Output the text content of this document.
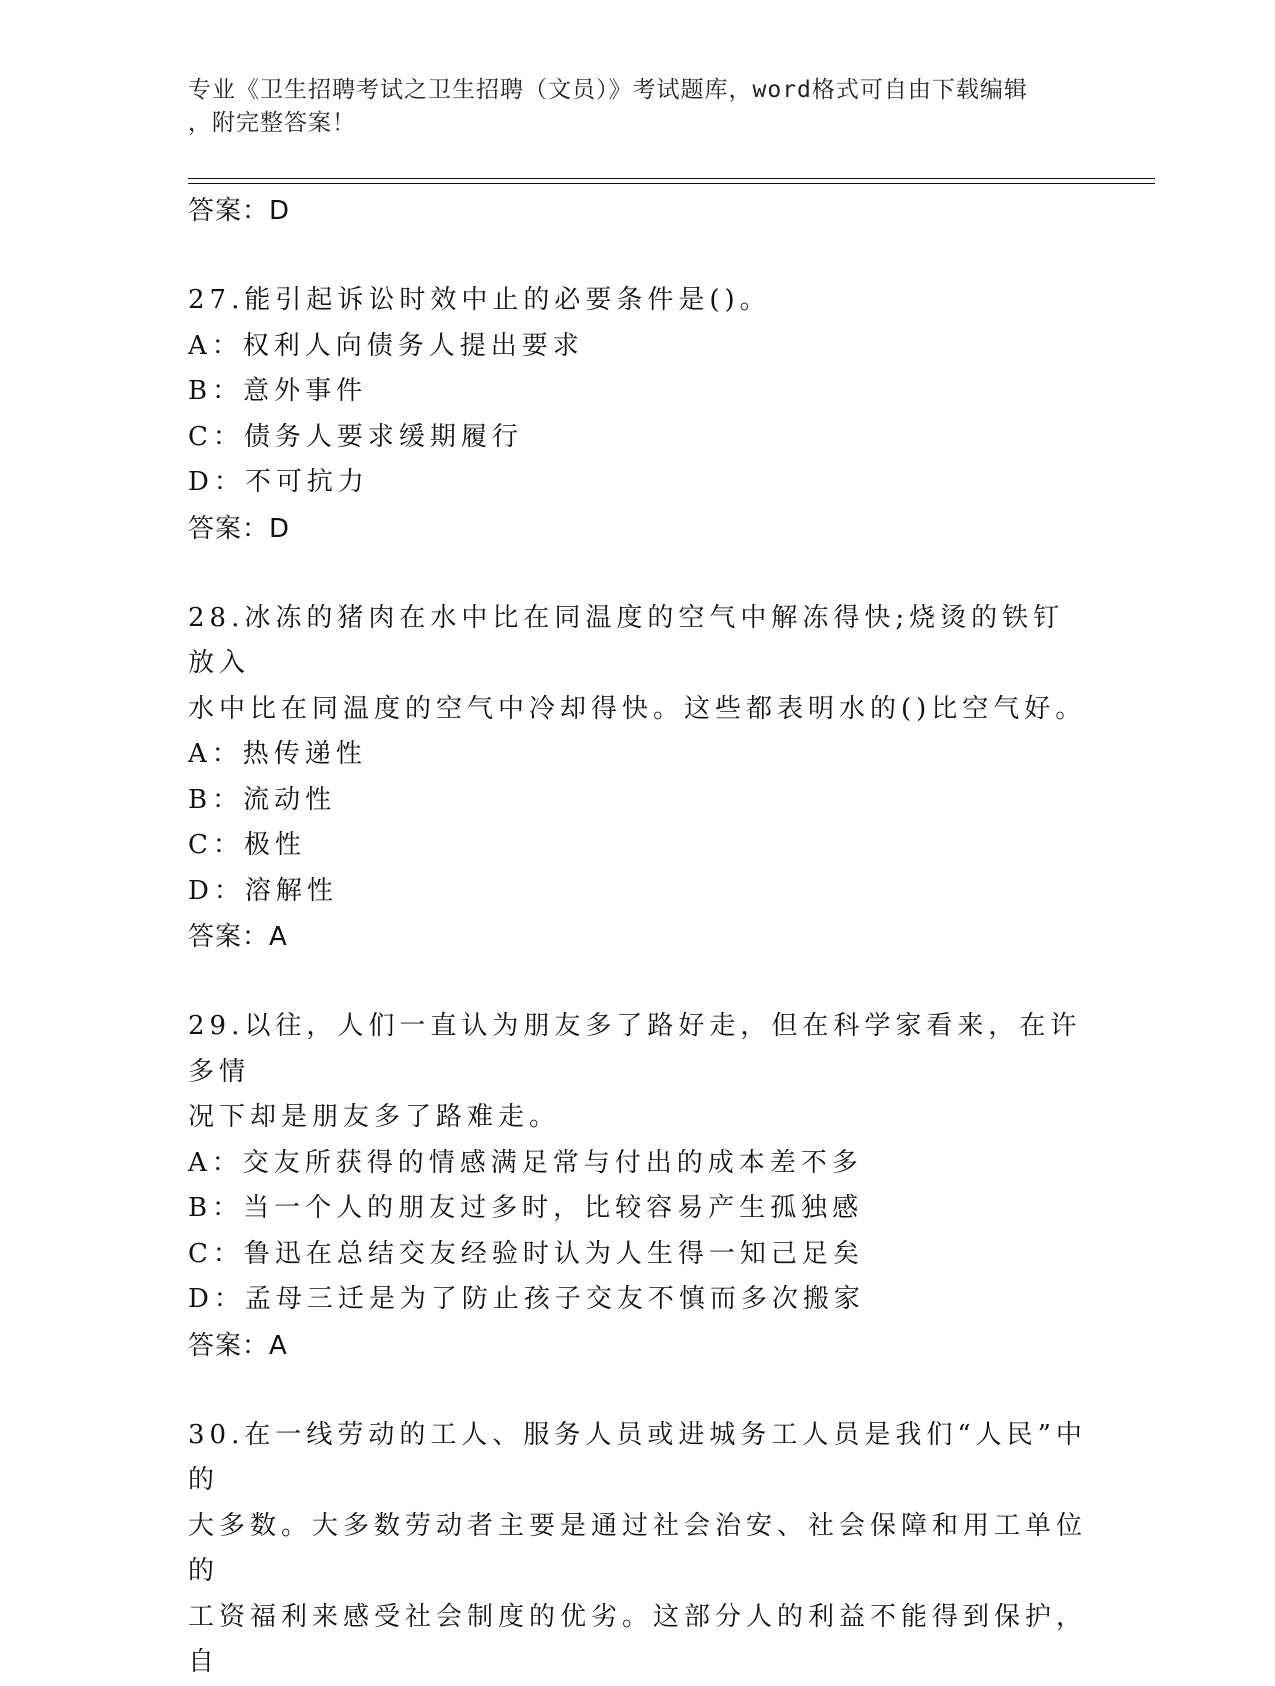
专业《卫生招聘考试之卫生招聘（文员）》考试题库，word格式可自由下载编辑
，附完整答案！
答案：D
27.能引起诉讼时效中止的必要条件是()。
A：权利人向债务人提出要求
B：意外事件
C：债务人要求缓期履行
D：不可抗力
答案：D
28.冰冻的猪肉在水中比在同温度的空气中解冻得快;烧烫的铁钉放入
水中比在同温度的空气中冷却得快。这些都表明水的()比空气好。
A：热传递性
B：流动性
C：极性
D：溶解性
答案：A
29.以往，人们一直认为朋友多了路好走，但在科学家看来，在许多情
况下却是朋友多了路难走。
A：交友所获得的情感满足常与付出的成本差不多
B：当一个人的朋友过多时，比较容易产生孤独感
C：鲁迅在总结交友经验时认为人生得一知己足矣
D：孟母三迁是为了防止孩子交友不慎而多次搬家
答案：A
30.在一线劳动的工人、服务人员或进城务工人员是我们“人民”中的
大多数。大多数劳动者主要是通过社会治安、社会保障和用工单位的
工资福利来感受社会制度的优劣。这部分人的利益不能得到保护，自
